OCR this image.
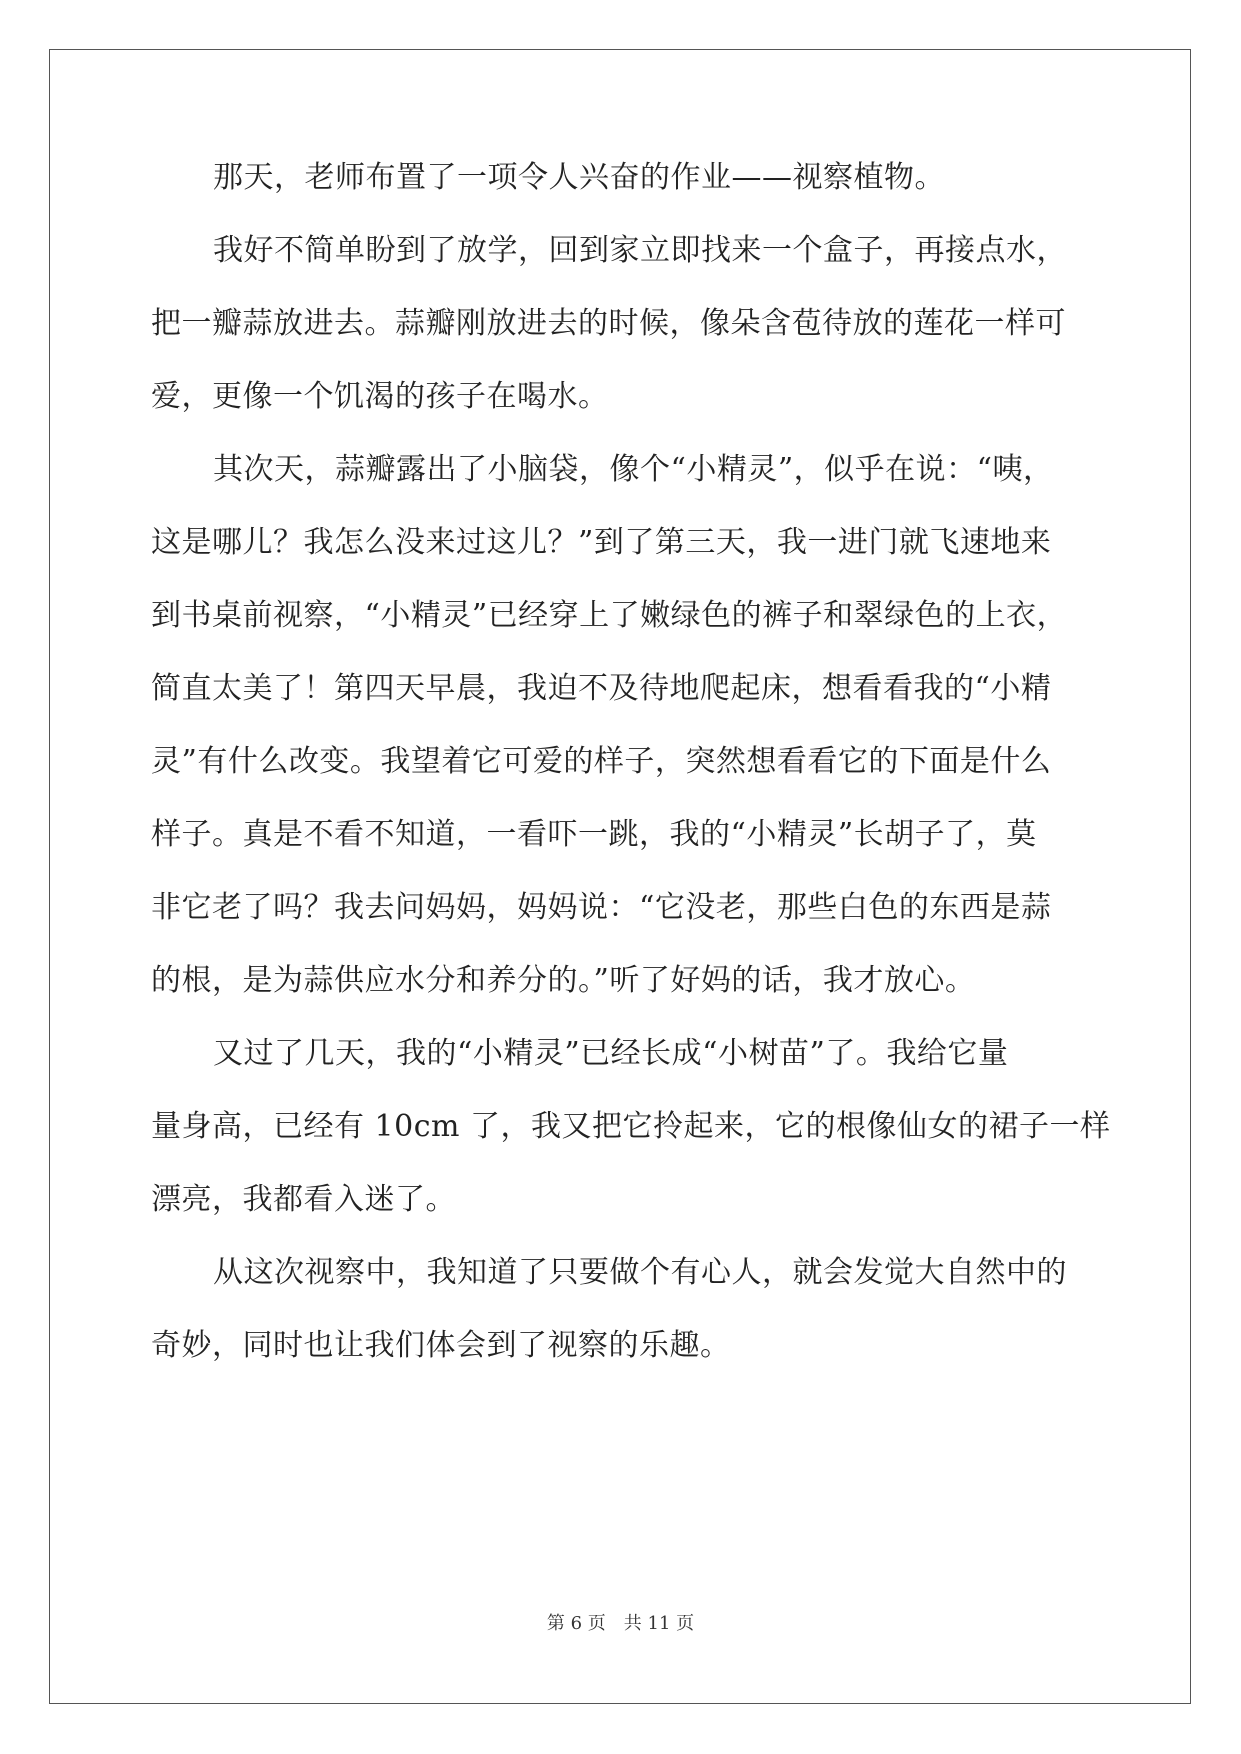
那天，老师布置了一项令人兴奋的作业——视察植物。
我好不简单盼到了放学，回到家立即找来一个盒子，再接点水，
把一瓣蒜放进去。蒜瓣刚放进去的时候，像朵含苞待放的莲花一样可
爱，更像一个饥渴的孩子在喝水。
其次天，蒜瓣露出了小脑袋，像个“小精灵”，似乎在说：“咦，
这是哪儿？我怎么没来过这儿？”到了第三天，我一进门就飞速地来
到书桌前视察，“小精灵”已经穿上了嫩绿色的裤子和翠绿色的上衣，
简直太美了！第四天早晨，我迫不及待地爬起床，想看看我的“小精
灵”有什么改变。我望着它可爱的样子，突然想看看它的下面是什么
样子。真是不看不知道，一看吓一跳，我的“小精灵”长胡子了，莫
非它老了吗？我去问妈妈，妈妈说：“它没老，那些白色的东西是蒜
的根，是为蒜供应水分和养分的。”听了好妈的话，我才放心。
又过了几天，我的“小精灵”已经长成“小树苗”了。我给它量
量身高，已经有 10cm 了，我又把它拎起来，它的根像仙女的裙子一样
漂亮，我都看入迷了。
从这次视察中，我知道了只要做个有心人，就会发觉大自然中的
奇妙，同时也让我们体会到了视察的乐趣。
第 6 页 共 11 页
